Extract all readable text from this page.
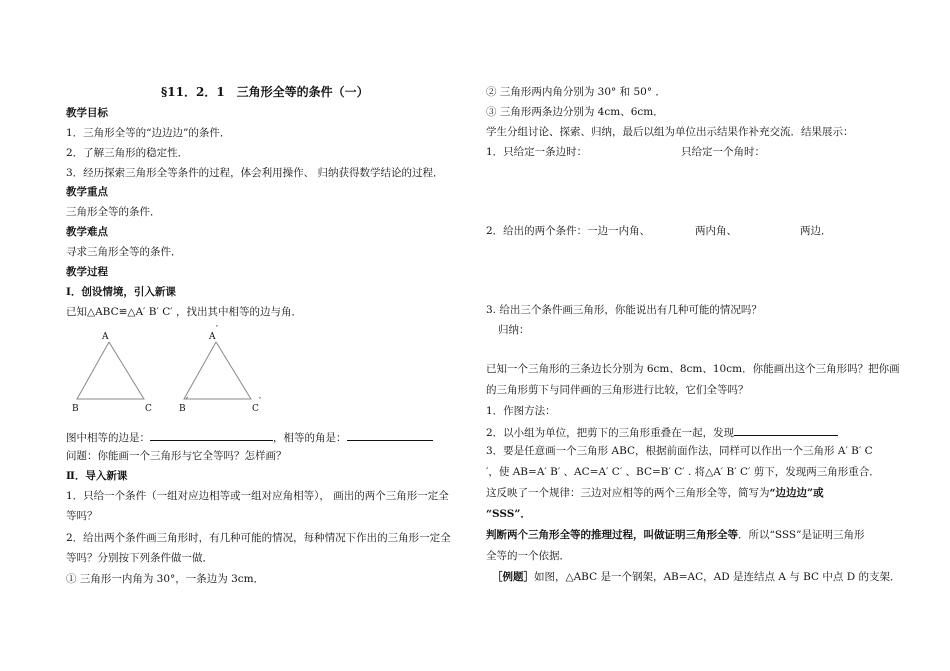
§11．2．1　三角形全等的条件（一）
教学目标
1．三角形全等的“边边边”的条件．
2．了解三角形的稳定性．
3．经历探索三角形全等条件的过程，体会利用操作、 归纳获得数学结论的过程．
教学重点
三角形全等的条件．
教学难点
寻求三角形全等的条件．
教学过程
Ⅰ．创设情境，引入新课
已知△ABC≌△A′ B′ C′ ，找出其中相等的边与角．
A
B	C
A
′
B
′
C
′
图中相等的边是：	，相等的角是：
问题：你能画一个三角形与它全等吗？怎样画？
Ⅱ．导入新课
1．只给一个条件（一组对应边相等或一组对应角相等）， 画出的两个三角形一定全
等吗？
2．给出两个条件画三角形时，有几种可能的情况，每种情况下作出的三角形一定全
等吗？分别按下列条件做一做．
① 三角形一内角为 30°，一条边为 3cm．
② 三角形两内角分别为 30° 和 50° ．
③ 三角形两条边分别为 4cm、6cm．
学生分组讨论、探索、归纳，最后以组为单位出示结果作补充交流．结果展示：
1．只给定一条边时：	只给定一个角时：
2．给出的两个条件：一边一内角、	两内角、	两边．
3. 给出三个条件画三角形，你能说出有几种可能的情况吗？
归纳：
已知一个三角形的三条边长分别为 6cm、8cm、10cm．你能画出这个三角形吗？把你画
的三角形剪下与同伴画的三角形进行比较，它们全等吗？
1．作图方法：
2．以小组为单位，把剪下的三角形重叠在一起，发现
3．要是任意画一个三角形 ABC，根据前面作法，同样可以作出一个三角形 A′ B′ C
′，使 AB=A′ B′ 、AC=A′ C′ 、BC=B′ C′ . 将△A′ B′ C′ 剪下，发现两三角形重合．
这反映了一个规律：三边对应相等的两个三角形全等，简写为“边边边”或
“SSS”．
判断两个三角形全等的推理过程，叫做证明三角形全等．所以“SSS”是证明三角形
全等的一个依据．
［例题］如图，△ABC 是一个钢架，AB=AC，AD 是连结点 A 与 BC 中点 D 的支架．
